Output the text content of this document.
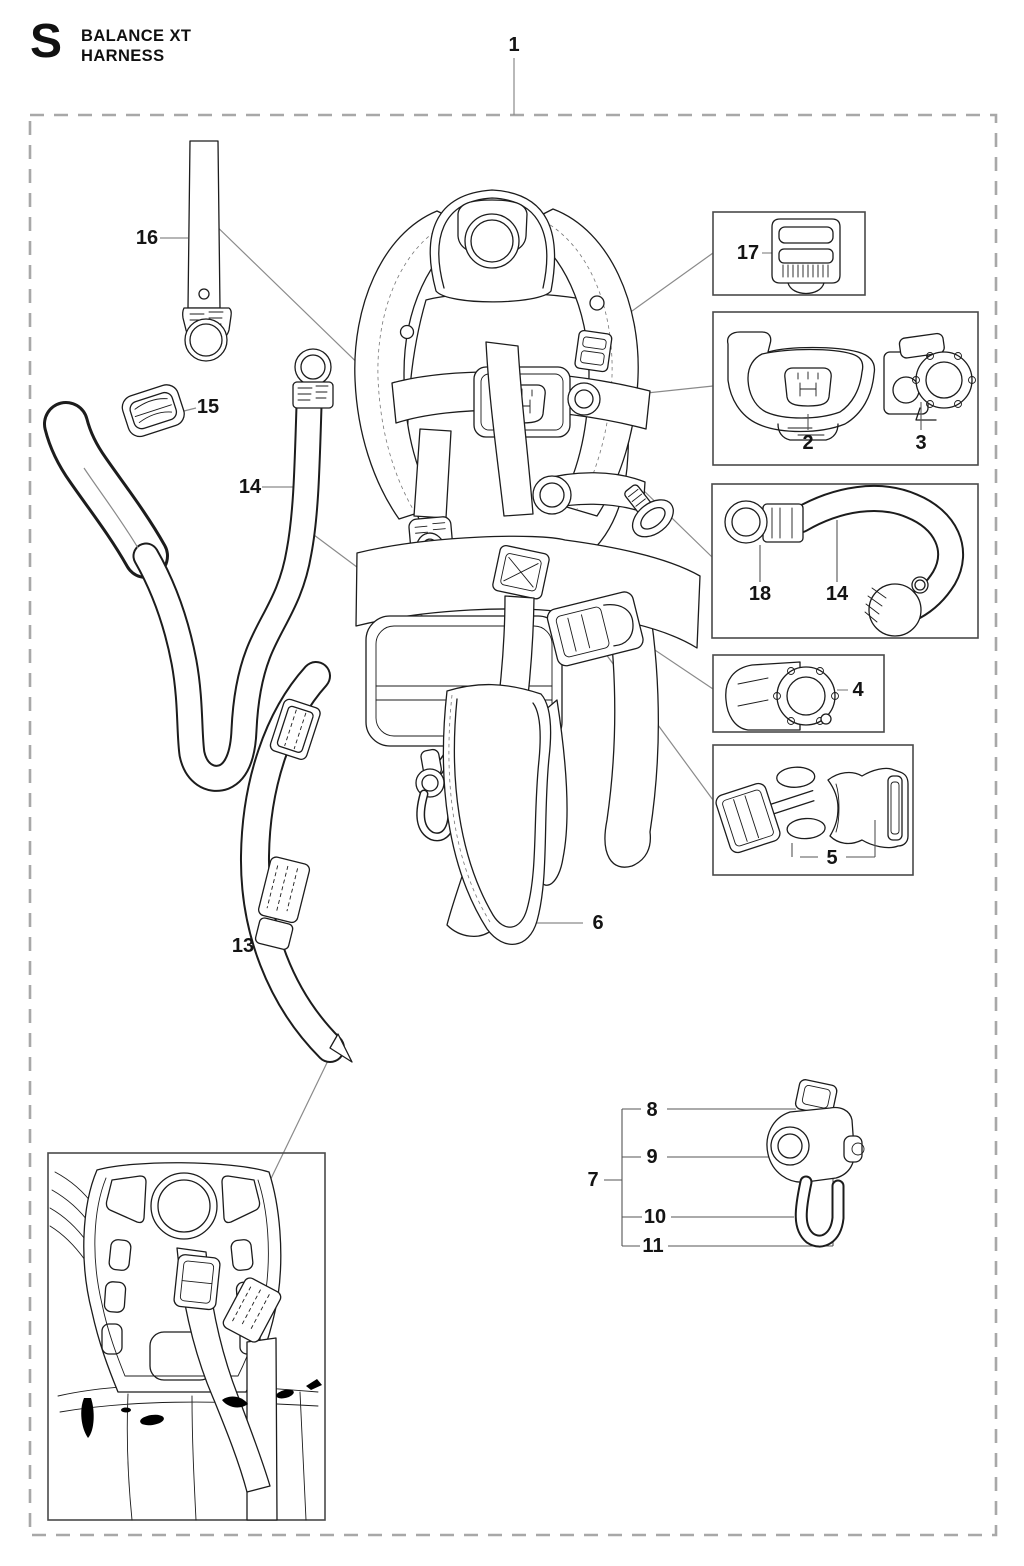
S BALANCE XT
HARNESS	1
16
15
14
13
6
17
2	3
18	14
4
5
7
8
9
10
11
